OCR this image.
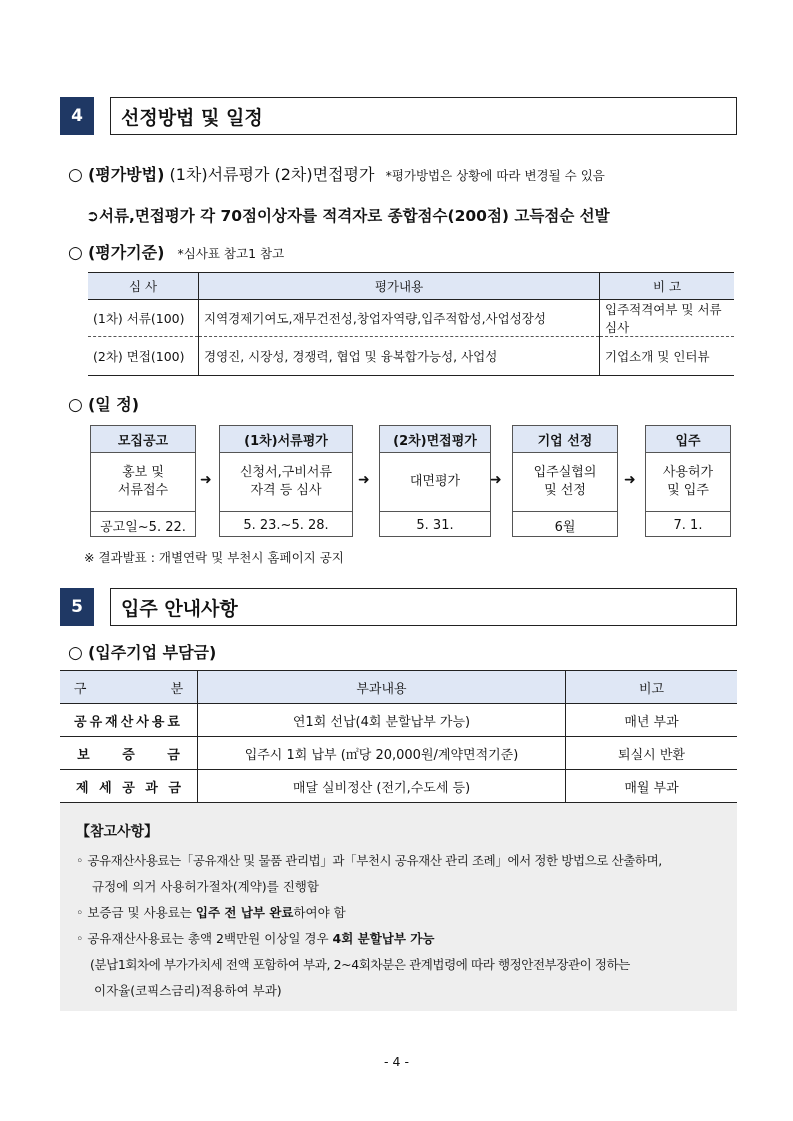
4	선정방법 및 일정
○ (평가방법) (1차)서류평가 (2차)면접평가 *평가방법은 상황에 따라 변경될 수 있음
➲서류,면접평가 각 70점이상자를 적격자로 종합점수(200점) 고득점순 선발
○ (평가기준) *심사표 참고1 참고
심 사	평가내용	비 고
(1차) 서류(100)	지역경제기여도,재무건전성,창업자역량,입주적합성,사업성장성	입주적격여부 및 서류심사
(2차) 면접(100)	경영진, 시장성, 경쟁력, 협업 및 융복합가능성, 사업성	기업소개 및 인터뷰
○ (일 정)
모집공고
홍보 및
서류접수
공고일~5. 22.
➜
(1차)서류평가
신청서,구비서류
자격 등 심사
5. 23.~5. 28.
➜
(2차)면접평가
대면평가
5. 31.
➜
기업 선정
입주실협의
및 선정
6월
➜
입주
사용허가
및 입주
7. 1.
※ 결과발표 : 개별연락 및 부천시 홈페이지 공지
5	입주 안내사항
○ (입주기업 부담금)
구 분	부과내용	비고
공유재산사용료	연1회 선납(4회 분할납부 가능)	매년 부과
보 증 금	입주시 1회 납부 (㎡당 20,000원/계약면적기준)	퇴실시 반환
제 세 공 과 금	매달 실비정산 (전기,수도세 등)	매월 부과
【참고사항】
◦ 공유재산사용료는「공유재산 및 물품 관리법」과「부천시 공유재산 관리 조례」에서 정한 방법으로 산출하며,
규정에 의거 사용허가절차(계약)를 진행함
◦ 보증금 및 사용료는 입주 전 납부 완료하여야 함
◦ 공유재산사용료는 총액 2백만원 이상일 경우 4회 분할납부 가능
(분납1회차에 부가가치세 전액 포함하여 부과, 2~4회차분은 관계법령에 따라 행정안전부장관이 정하는
이자율(코픽스금리)적용하여 부과)
- 4 -
